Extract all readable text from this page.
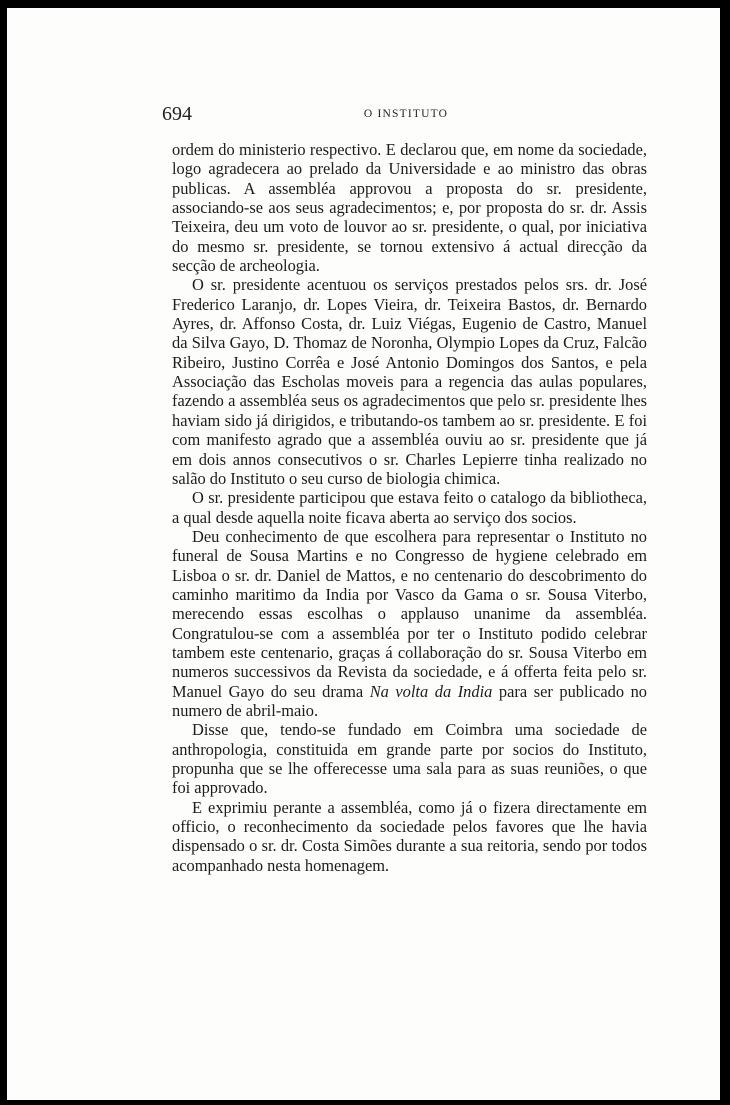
694	O INSTITUTO

ordem do ministerio respectivo. E declarou que, em nome da sociedade, logo agradecera ao prelado da Universidade e ao ministro das obras publicas. A assembléa approvou a proposta do sr. presidente, associando-se aos seus agradecimentos; e, por proposta do sr. dr. Assis Teixeira, deu um voto de louvor ao sr. presidente, o qual, por iniciativa do mesmo sr. presidente, se tornou extensivo á actual direcção da secção de archeologia.

O sr. presidente acentuou os serviços prestados pelos srs. dr. José Frederico Laranjo, dr. Lopes Vieira, dr. Teixeira Bastos, dr. Bernardo Ayres, dr. Affonso Costa, dr. Luiz Viégas, Eugenio de Castro, Manuel da Silva Gayo, D. Thomaz de Noronha, Olympio Lopes da Cruz, Falcão Ribeiro, Justino Corrêa e José Antonio Domingos dos Santos, e pela Associação das Escholas moveis para a regencia das aulas populares, fazendo a assembléa seus os agradecimentos que pelo sr. presidente lhes haviam sido já dirigidos, e tributando-os tambem ao sr. presidente. E foi com manifesto agrado que a assembléa ouviu ao sr. presidente que já em dois annos consecutivos o sr. Charles Lepierre tinha realizado no salão do Instituto o seu curso de biologia chimica.

O sr. presidente participou que estava feito o catalogo da bibliotheca, a qual desde aquella noite ficava aberta ao serviço dos socios.

Deu conhecimento de que escolhera para representar o Instituto no funeral de Sousa Martins e no Congresso de hygiene celebrado em Lisboa o sr. dr. Daniel de Mattos, e no centenario do descobrimento do caminho maritimo da India por Vasco da Gama o sr. Sousa Viterbo, merecendo essas escolhas o applauso unanime da assembléa. Congratulou-se com a assembléa por ter o Instituto podido celebrar tambem este centenario, graças á collaboração do sr. Sousa Viterbo em numeros successivos da Revista da sociedade, e á offerta feita pelo sr. Manuel Gayo do seu drama Na volta da India para ser publicado no numero de abril-maio.

Disse que, tendo-se fundado em Coimbra uma sociedade de anthropologia, constituida em grande parte por socios do Instituto, propunha que se lhe offerecesse uma sala para as suas reuniões, o que foi approvado.

E exprimiu perante a assembléa, como já o fizera directamente em officio, o reconhecimento da sociedade pelos favores que lhe havia dispensado o sr. dr. Costa Simões durante a sua reitoria, sendo por todos acompanhado nesta homenagem.
